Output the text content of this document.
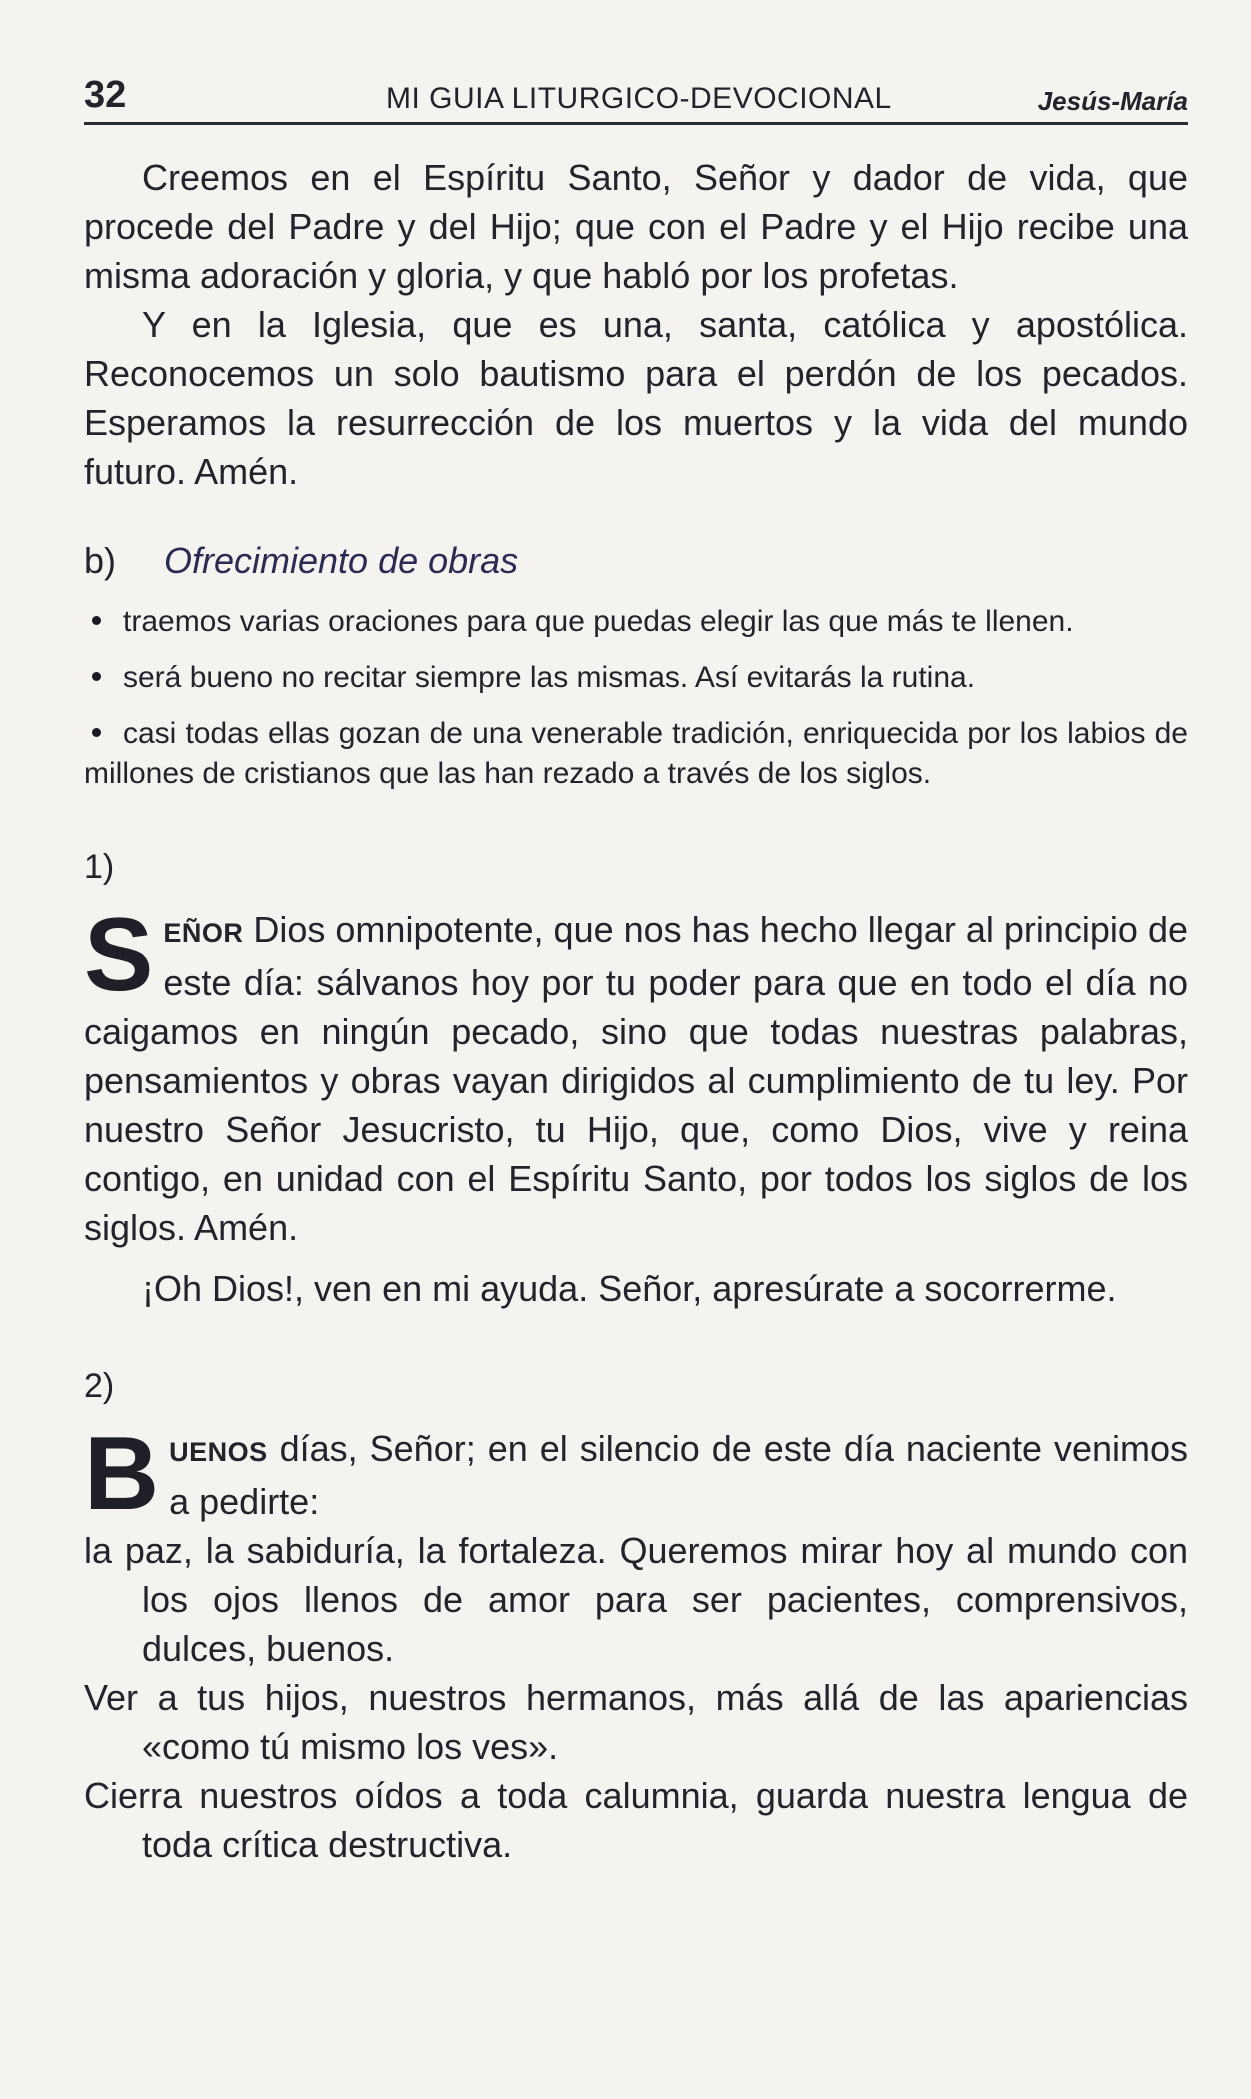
32	MI GUIA LITURGICO-DEVOCIONAL	Jesús-María

Creemos en el Espíritu Santo, Señor y dador de vida, que procede del Padre y del Hijo; que con el Padre y el Hijo recibe una misma adoración y gloria, y que habló por los profetas.

Y en la Iglesia, que es una, santa, católica y apostólica. Reconocemos un solo bautismo para el perdón de los pecados. Esperamos la resurrección de los muertos y la vida del mundo futuro. Amén.

b) Ofrecimiento de obras
traemos varias oraciones para que puedas elegir las que más te llenen.
será bueno no recitar siempre las mismas. Así evitarás la rutina.
casi todas ellas gozan de una venerable tradición, enriquecida por los labios de millones de cristianos que las han rezado a través de los siglos.
1)

SEÑOR Dios omnipotente, que nos has hecho llegar al principio de este día: sálvanos hoy por tu poder para que en todo el día no caigamos en ningún pecado, sino que todas nuestras palabras, pensamientos y obras vayan dirigidos al cumplimiento de tu ley. Por nuestro Señor Jesucristo, tu Hijo, que, como Dios, vive y reina contigo, en unidad con el Espíritu Santo, por todos los siglos de los siglos. Amén.

¡Oh Dios!, ven en mi ayuda. Señor, apresúrate a socorrerme.

2)

BUENOS días, Señor; en el silencio de este día naciente venimos a pedirte:

la paz, la sabiduría, la fortaleza. Queremos mirar hoy al mundo con los ojos llenos de amor para ser pacientes, comprensivos, dulces, buenos.

Ver a tus hijos, nuestros hermanos, más allá de las apariencias «como tú mismo los ves».

Cierra nuestros oídos a toda calumnia, guarda nuestra lengua de toda crítica destructiva.
